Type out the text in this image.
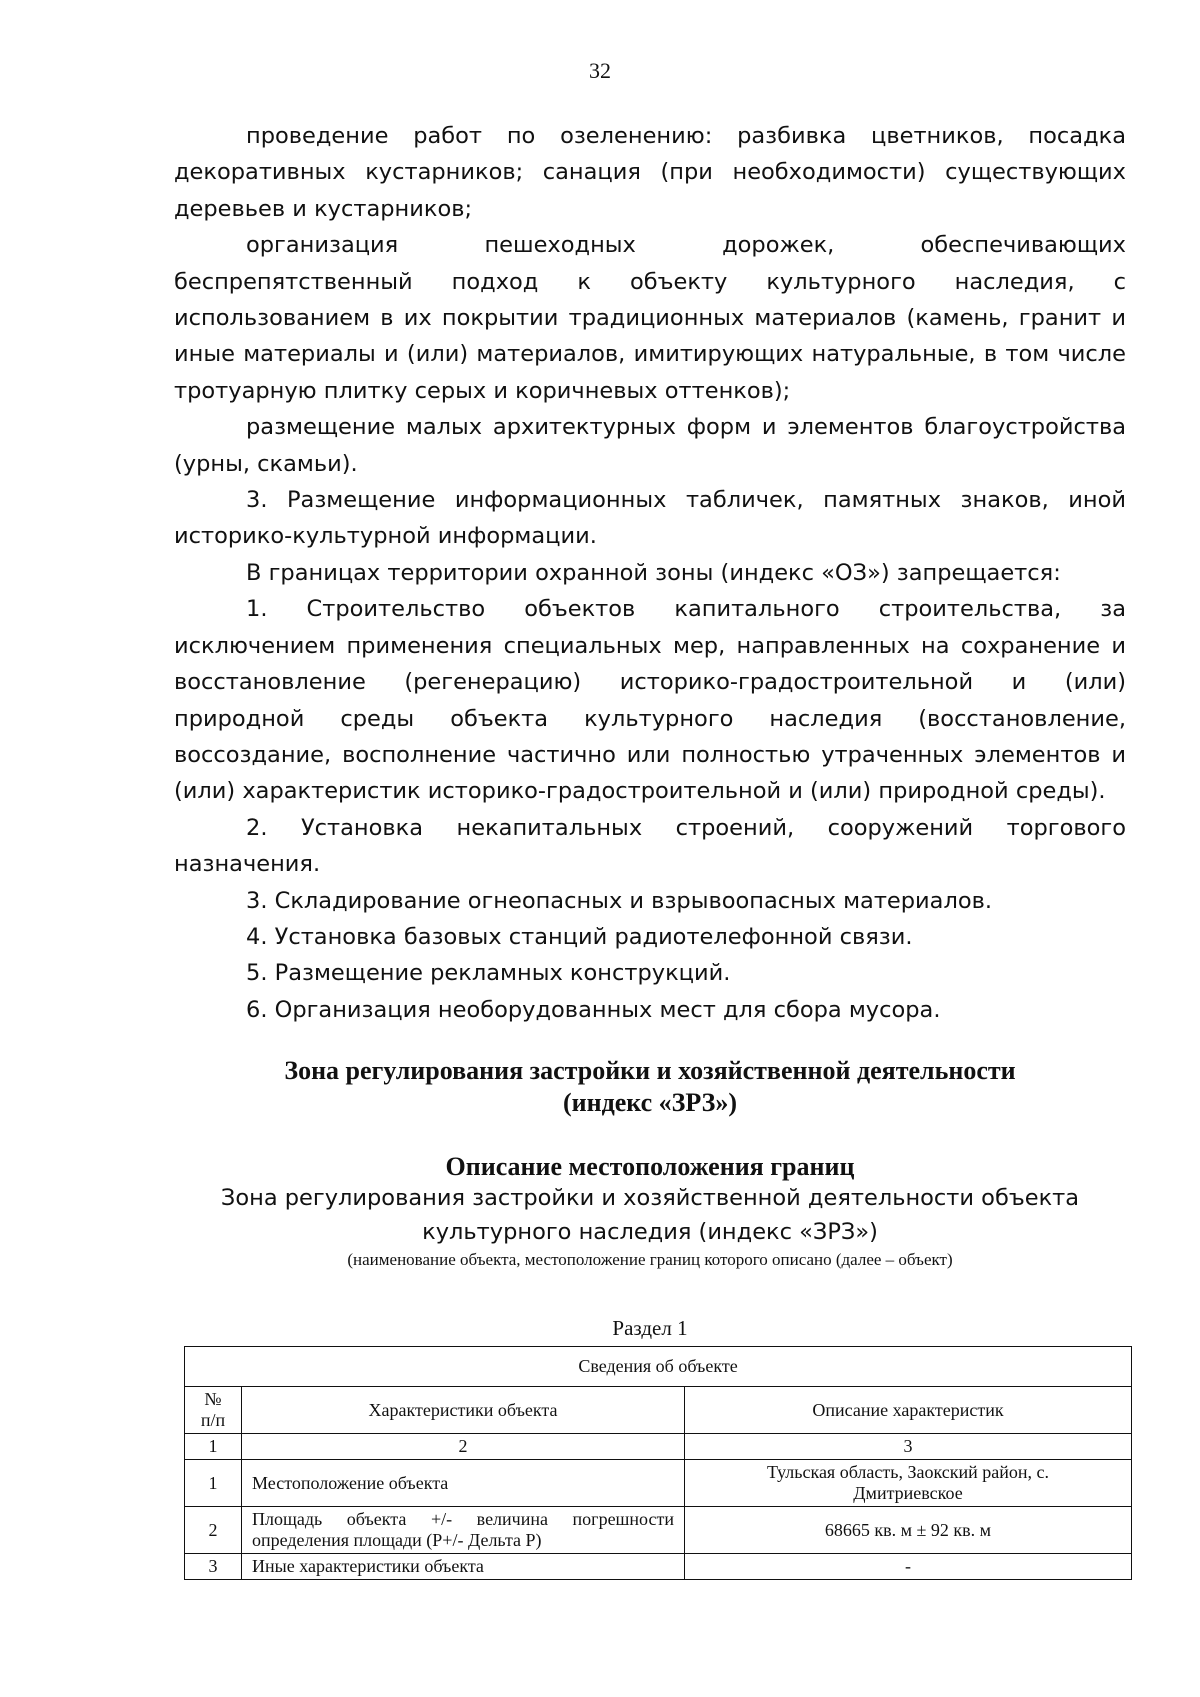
32

проведение работ по озеленению: разбивка цветников, посадка декоративных кустарников; санация (при необходимости) существующих деревьев и кустарников;

организация пешеходных дорожек, обеспечивающих беспрепятственный подход к объекту культурного наследия, с использованием в их покрытии традиционных материалов (камень, гранит и иные материалы и (или) материалов, имитирующих натуральные, в том числе тротуарную плитку серых и коричневых оттенков);

размещение малых архитектурных форм и элементов благоустройства (урны, скамьи).

3. Размещение информационных табличек, памятных знаков, иной историко-культурной информации.

В границах территории охранной зоны (индекс «ОЗ») запрещается:

1. Строительство объектов капитального строительства, за исключением применения специальных мер, направленных на сохранение и восстановление (регенерацию) историко-градостроительной и (или) природной среды объекта культурного наследия (восстановление, воссоздание, восполнение частично или полностью утраченных элементов и (или) характеристик историко-градостроительной и (или) природной среды).

2. Установка некапитальных строений, сооружений торгового назначения.

3. Складирование огнеопасных и взрывоопасных материалов.

4. Установка базовых станций радиотелефонной связи.

5. Размещение рекламных конструкций.

6. Организация необорудованных мест для сбора мусора.

Зона регулирования застройки и хозяйственной деятельности
(индекс «ЗРЗ»)
Описание местоположения границ
Зона регулирования застройки и хозяйственной деятельности объекта
культурного наследия (индекс «ЗРЗ»)
(наименование объекта, местоположение границ которого описано (далее – объект)
Раздел 1
Сведения об объекте		
№ п/п	Характеристики объекта	Описание характеристик
1	2	3
1	Местоположение объекта	Тульская область, Заокский район, с. Дмитриевское
2	Площадь объекта +/- величина погрешности определения площади (Р+/- Дельта Р)	68665 кв. м ± 92 кв. м
3	Иные характеристики объекта	-
